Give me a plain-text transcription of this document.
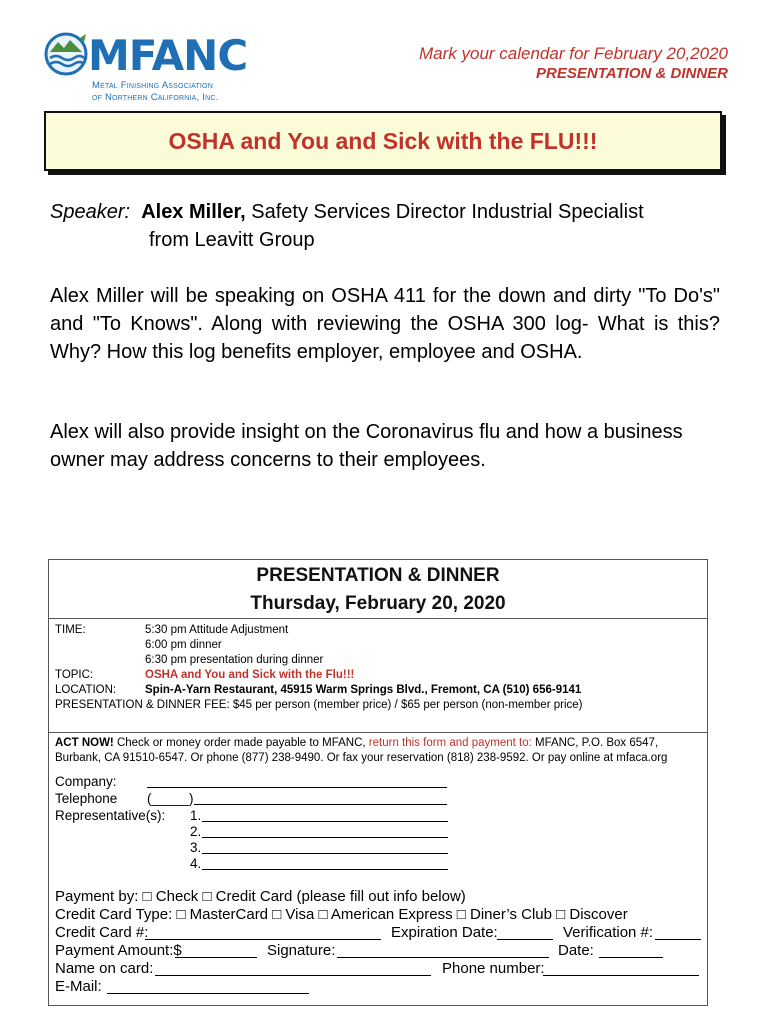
MFANC
Metal Finishing Association
of Northern California, Inc.
Mark your calendar for February 20,2020
PRESENTATION & DINNER
OSHA and You and Sick with the FLU!!!
Speaker: Alex Miller, Safety Services Director Industrial Specialist
from Leavitt Group
Alex Miller will be speaking on OSHA 411 for the down and dirty "To Do's" and "To Knows". Along with reviewing the OSHA 300 log- What is this? Why? How this log benefits employer, employee and OSHA.
Alex will also provide insight on the Coronavirus flu and how a business owner may address concerns to their employees.
PRESENTATION & DINNER
Thursday, February 20, 2020
TIME:	5:30 pm Attitude Adjustment
6:00 pm dinner
6:30 pm presentation during dinner
TOPIC:	OSHA and You and Sick with the Flu!!!
LOCATION:	Spin-A-Yarn Restaurant, 45915 Warm Springs Blvd., Fremont, CA (510) 656-9141
PRESENTATION & DINNER FEE: $45 per person (member price) / $65 per person (non-member price)
ACT NOW! Check or money order made payable to MFANC, return this form and payment to: MFANC, P.O. Box 6547,
Burbank, CA 91510-6547. Or phone (877) 238-9490. Or fax your reservation (818) 238-9592. Or pay online at mfaca.org
Company:
Telephone (_____)
Representative(s): 1.
2.
3.
4.
Payment by: □ Check □ Credit Card (please fill out info below)
Credit Card Type: □ MasterCard □ Visa □ American Express □ Diner’s Club □ Discover
Credit Card #:	Expiration Date:	Verification #:
Payment Amount:$	Signature:	Date:
Name on card:	Phone number:
E-Mail:
